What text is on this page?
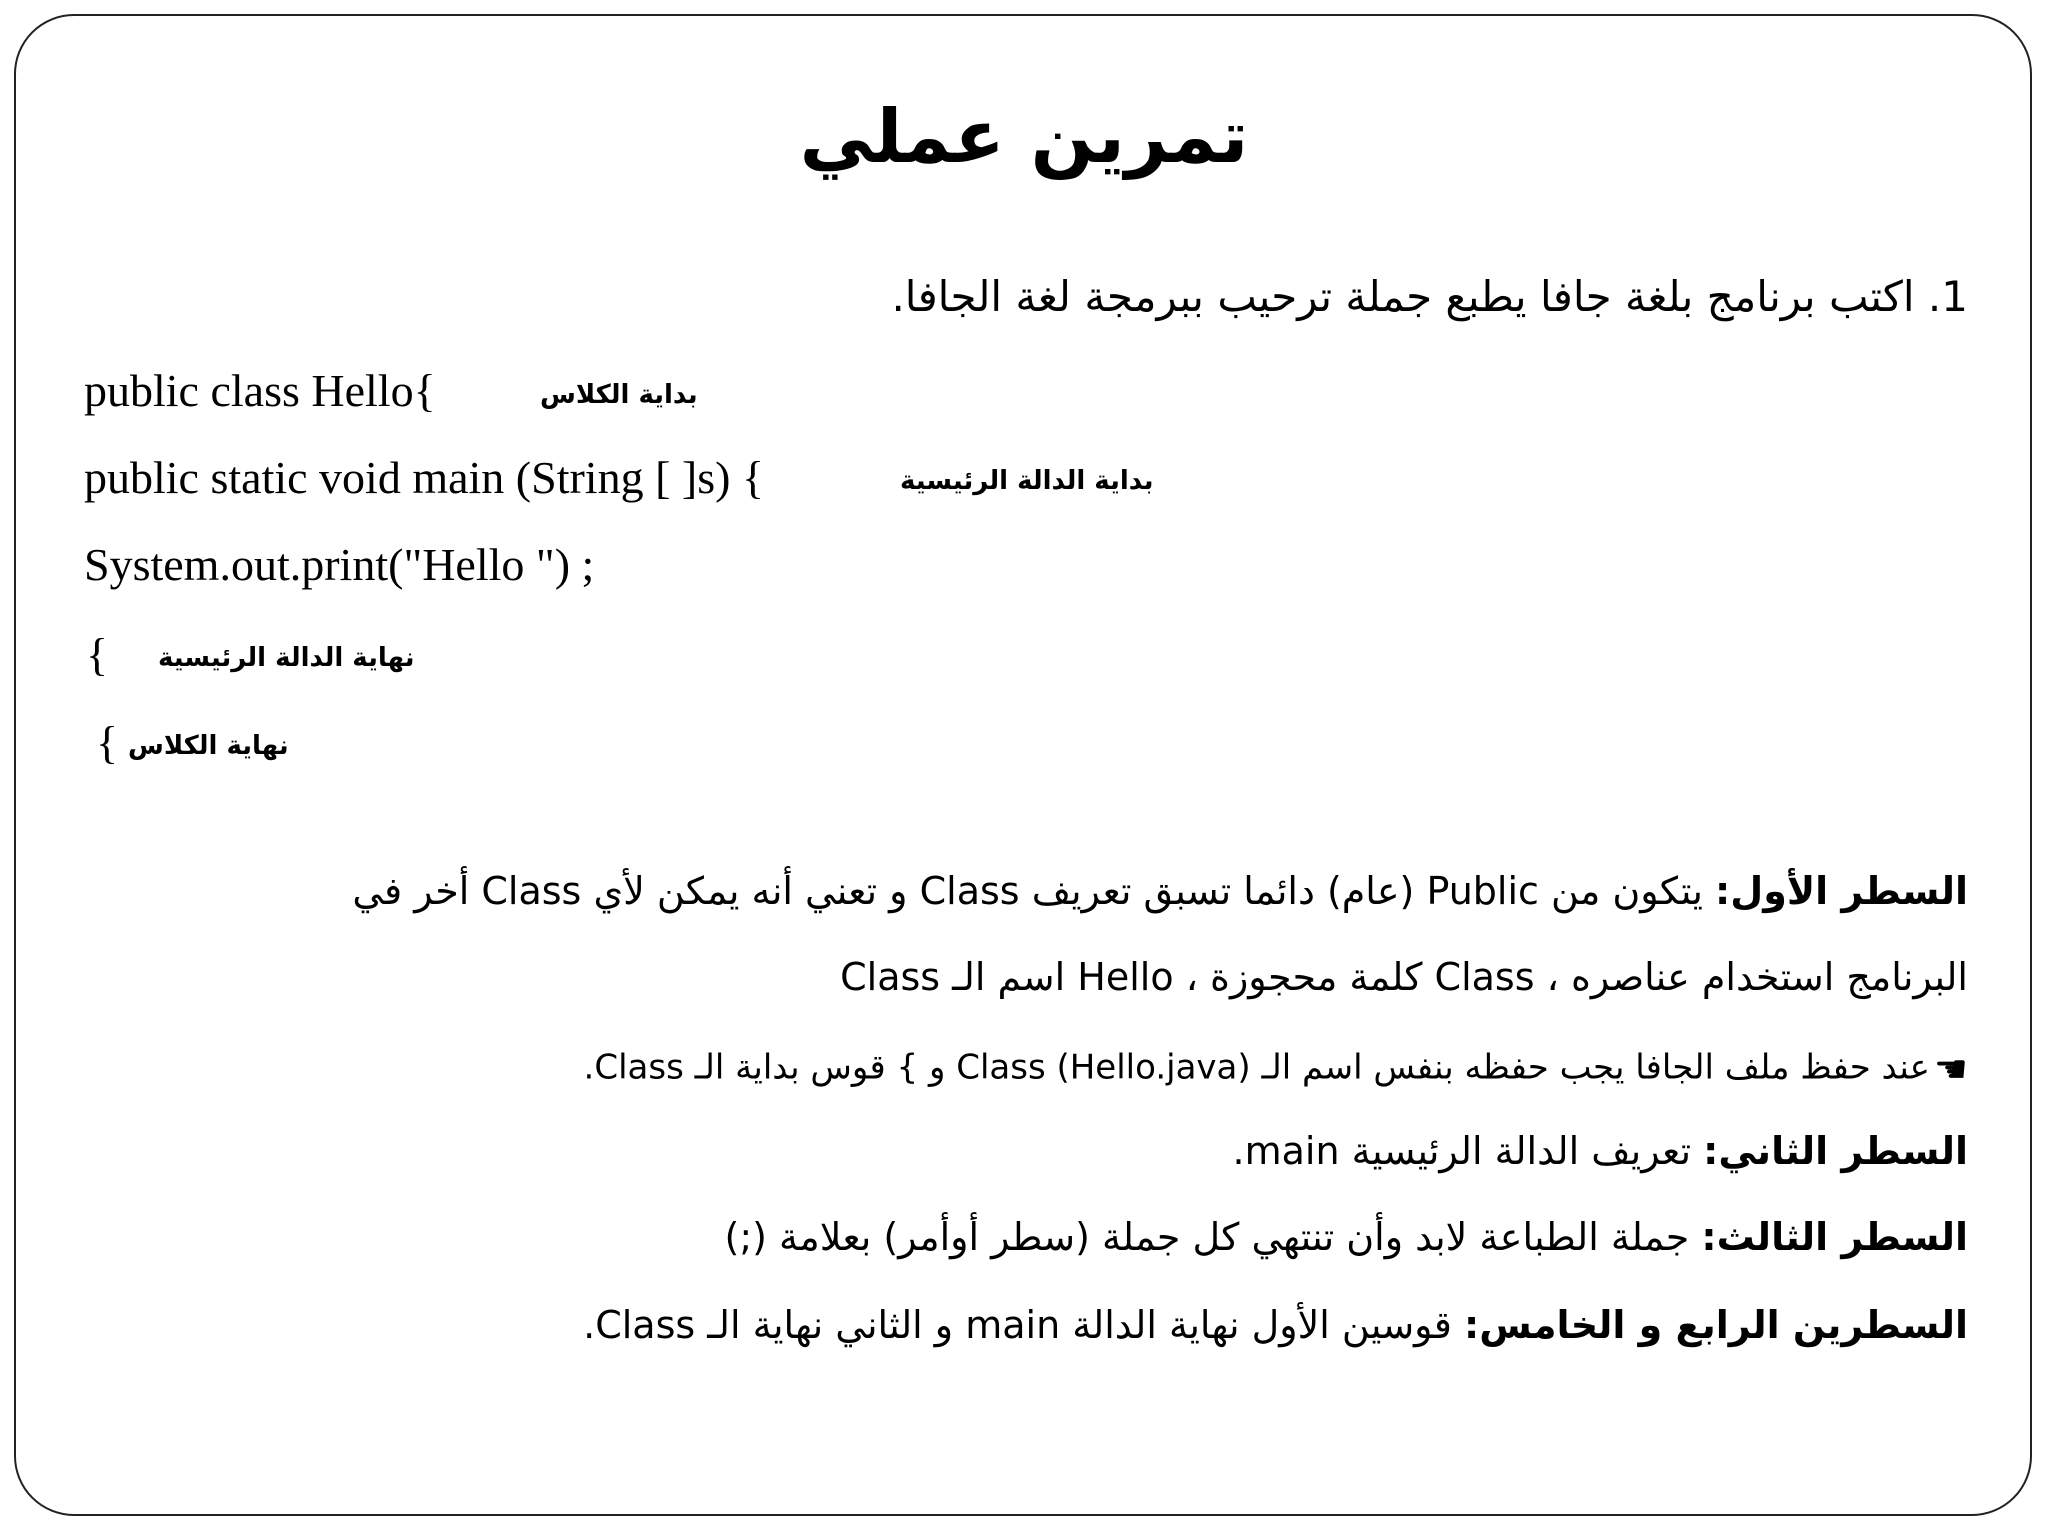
تمرين عملي
1. اكتب برنامج بلغة جافا يطبع جملة ترحيب ببرمجة لغة الجافا.
public class Hello{	بداية الكلاس
public static void main (String [ ]s) {	بداية الدالة الرئيسية
System.out.print("Hello ") ;
نهاية الدالة الرئيسية
{
نهاية الكلاس
{
السطر الأول: يتكون من Public (عام) دائما تسبق تعريف Class و تعني أنه يمكن لأي Class أخر في
البرنامج استخدام عناصره ، Class كلمة محجوزة ، Hello اسم الـ Class
☚عند حفظ ملف الجافا يجب حفظه بنفس اسم الـ Class (Hello.java) و } قوس بداية الـ Class.
السطر الثاني: تعريف الدالة الرئيسية main.
السطر الثالث: جملة الطباعة لابد وأن تنتهي كل جملة (سطر أوأمر) بعلامة (;)
السطرين الرابع و الخامس: قوسين الأول نهاية الدالة main و الثاني نهاية الـ Class.
